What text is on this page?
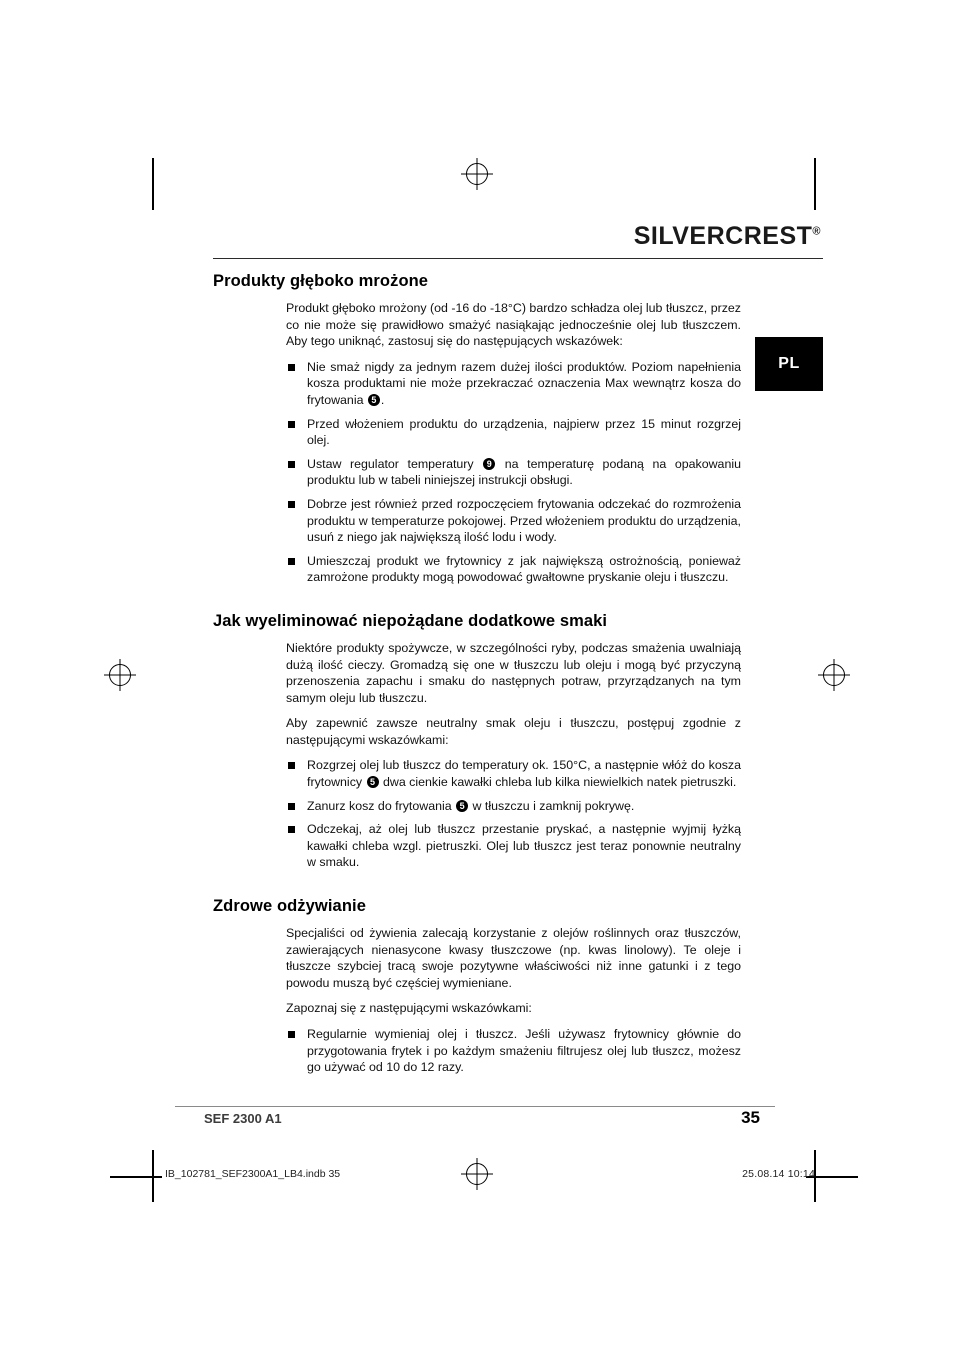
SILVERCREST®
PL
Produkty głęboko mrożone

Produkt głęboko mrożony (od -16 do -18°C) bardzo schładza olej lub tłuszcz, przez co nie może się prawidłowo smażyć nasiąkając jednocześnie olej lub tłuszczem. Aby tego uniknąć, zastosuj się do następujących wskazówek:

Nie smaż nigdy za jednym razem dużej ilości produktów. Poziom napełnienia kosza produktami nie może przekraczać oznaczenia Max wewnątrz kosza do frytowania 5 .
Przed włożeniem produktu do urządzenia, najpierw przez 15 minut rozgrzej olej.
Ustaw regulator temperatury 9 na temperaturę podaną na opakowaniu produktu lub w tabeli niniejszej instrukcji obsługi.
Dobrze jest również przed rozpoczęciem frytowania odczekać do rozmrożenia produktu w temperaturze pokojowej. Przed włożeniem produktu do urządzenia, usuń z niego jak największą ilość lodu i wody.
Umieszczaj produkt we frytownicy z jak największą ostrożnością, ponieważ zamrożone produkty mogą powodować gwałtowne pryskanie oleju i tłuszczu.
Jak wyeliminować niepożądane dodatkowe smaki

Niektóre produkty spożywcze, w szczególności ryby, podczas smażenia uwalniają dużą ilość cieczy. Gromadzą się one w tłuszczu lub oleju i mogą być przyczyną przenoszenia zapachu i smaku do następnych potraw, przyrządzanych na tym samym oleju lub tłuszczu.

Aby zapewnić zawsze neutralny smak oleju i tłuszczu, postępuj zgodnie z następującymi wskazówkami:

Rozgrzej olej lub tłuszcz do temperatury ok. 150°C, a następnie włóż do kosza frytownicy 5 dwa cienkie kawałki chleba lub kilka niewielkich natek pietruszki.
Zanurz kosz do frytowania 5 w tłuszczu i zamknij pokrywę.
Odczekaj, aż olej lub tłuszcz przestanie pryskać, a następnie wyjmij łyżką kawałki chleba wzgl. pietruszki. Olej lub tłuszcz jest teraz ponownie neutralny w smaku.
Zdrowe odżywianie

Specjaliści od żywienia zalecają korzystanie z olejów roślinnych oraz tłuszczów, zawierających nienasycone kwasy tłuszczowe (np. kwas linolowy). Te oleje i tłuszcze szybciej tracą swoje pozytywne właściwości niż inne gatunki i z tego powodu muszą być częściej wymieniane.

Zapoznaj się z następującymi wskazówkami:

Regularnie wymieniaj olej i tłuszcz. Jeśli używasz frytownicy głównie do przygotowania frytek i po każdym smażeniu filtrujesz olej lub tłuszcz, możesz go używać od 10 do 12 razy.
SEF 2300 A1	35
IB_102781_SEF2300A1_LB4.indb 35	25.08.14 10:14
